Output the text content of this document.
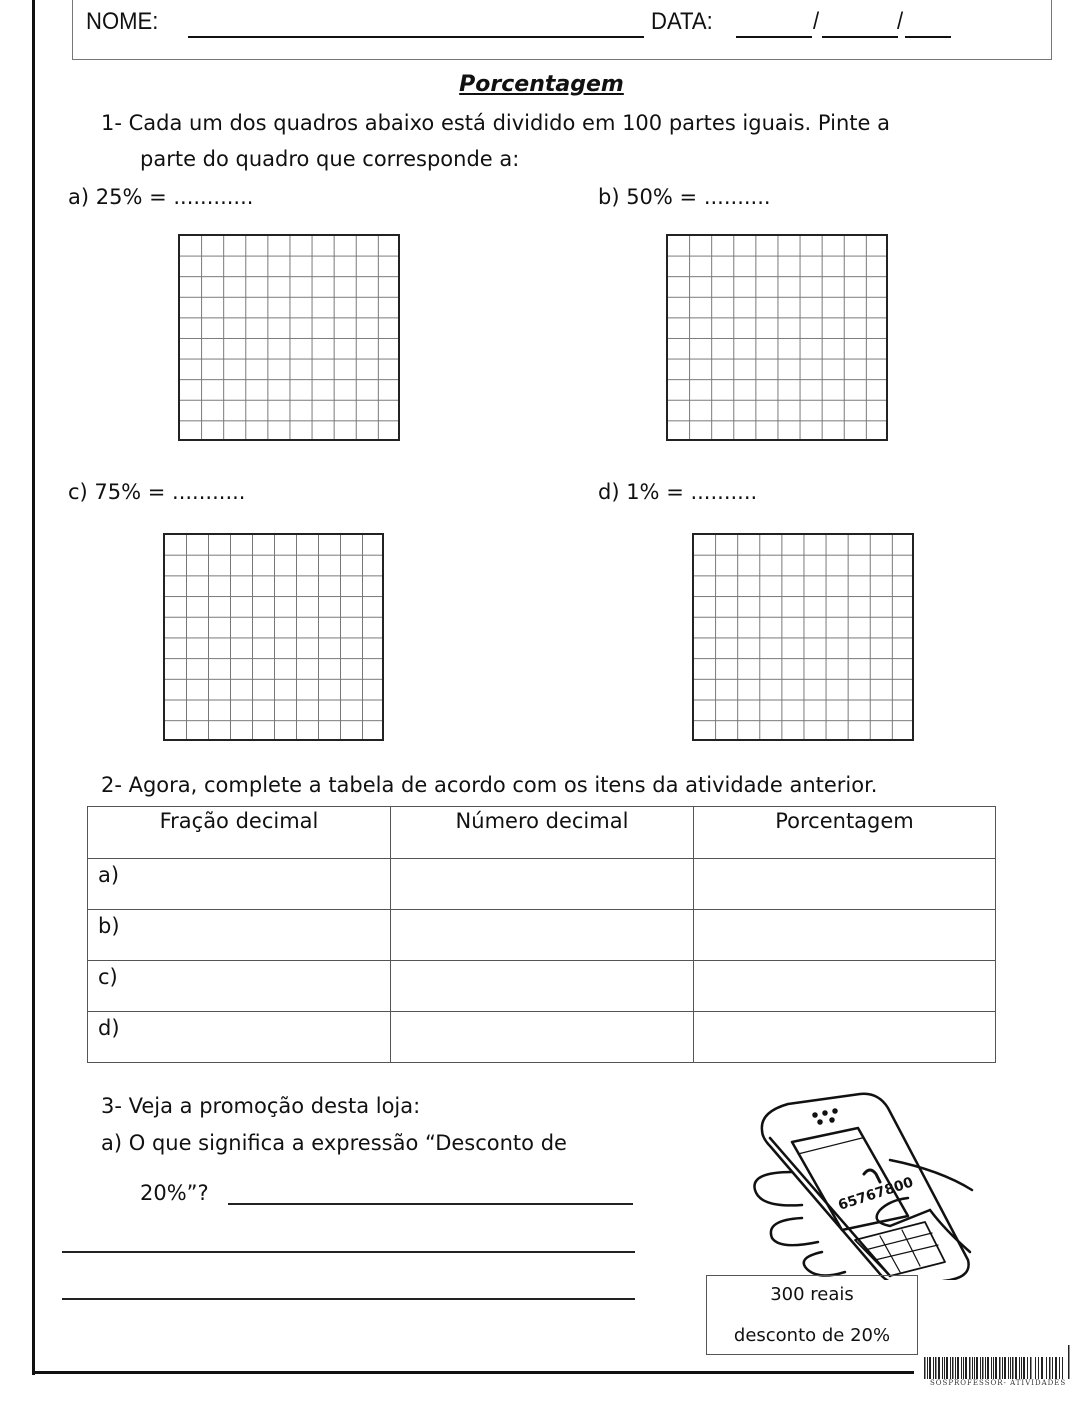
NOME:	DATA:	/	/
Porcentagem
1- Cada um dos quadros abaixo está dividido em 100 partes iguais. Pinte a
parte do quadro que corresponde a:
a) 25% = ............	b) 50% = ..........
c) 75% = ...........	d) 1% = ..........
2- Agora, complete a tabela de acordo com os itens da atividade anterior.
Fração decimal	Número decimal	Porcentagem
a)		
b)		
c)		
d)		
3- Veja a promoção desta loja:
a) O que significa a expressão “Desconto de
20%”?	65767800
300 reais
desconto de 20%
SOSPROFESSOR- ATIVIDADES
